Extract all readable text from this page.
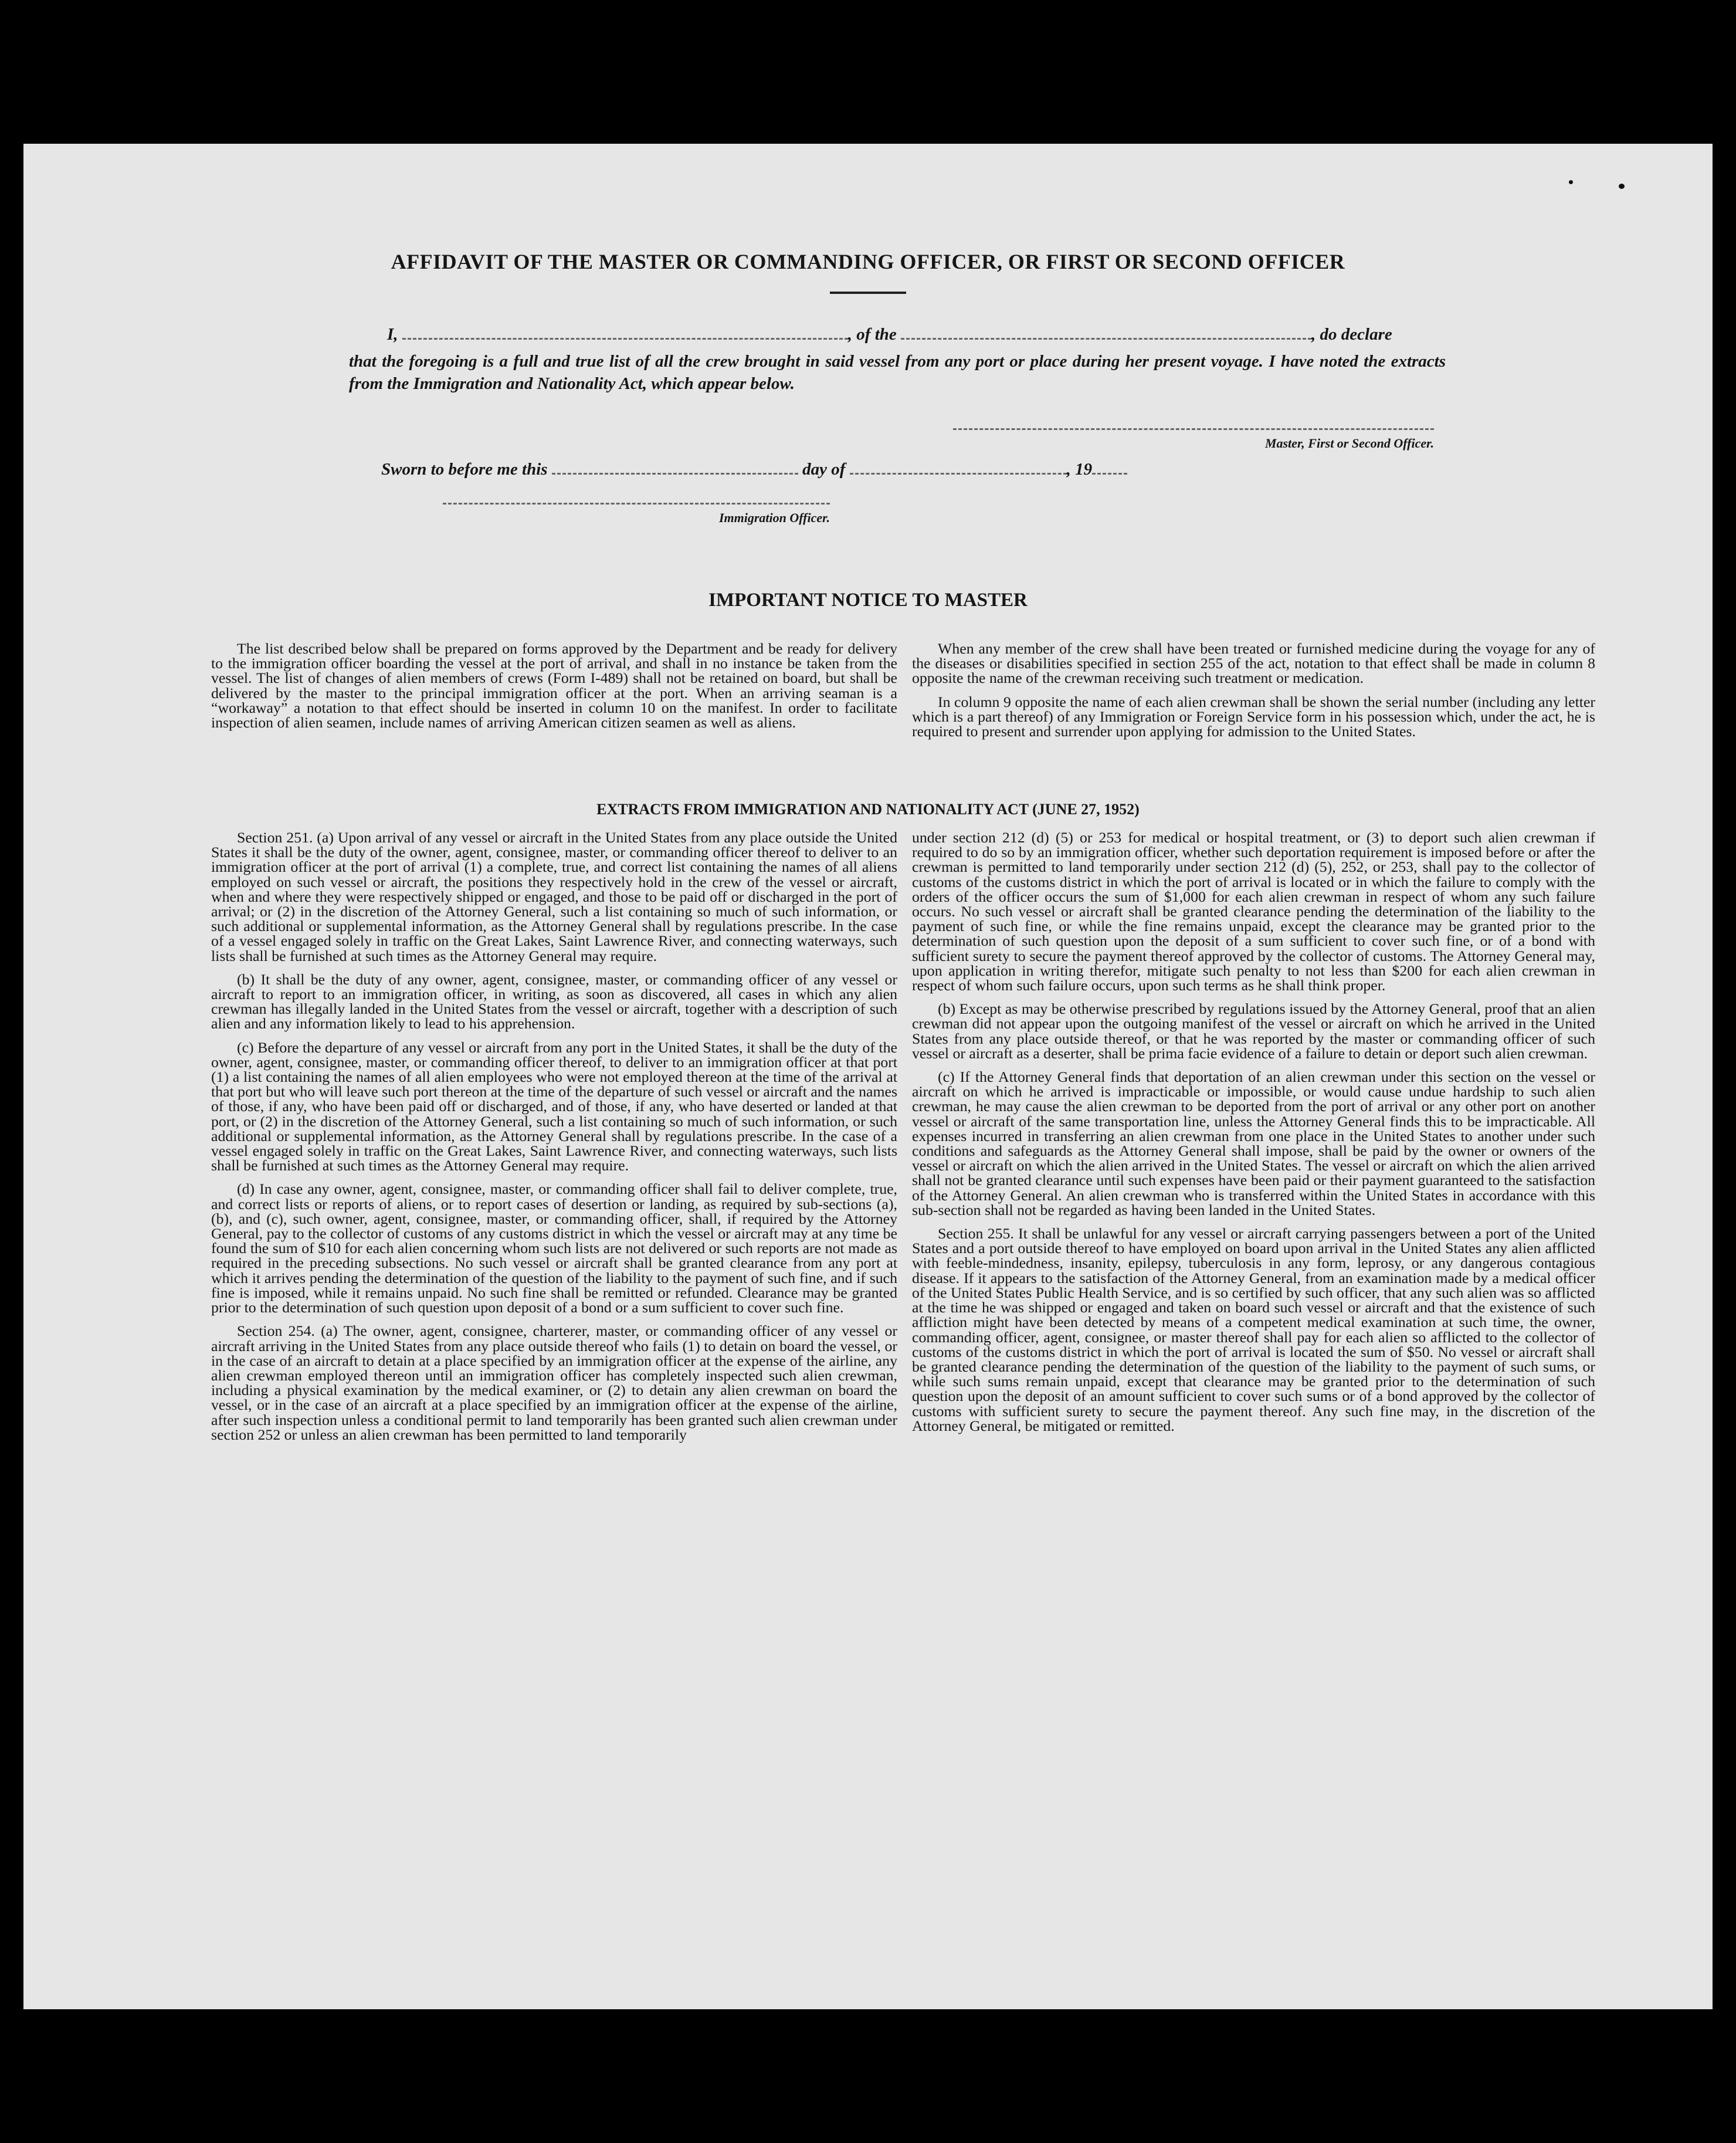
AFFIDAVIT OF THE MASTER OR COMMANDING OFFICER, OR FIRST OR SECOND OFFICER
I,	, of the	, do declare
that the foregoing is a full and true list of all the crew brought in said vessel from any port or place during her present voyage. I have noted the extracts from the Immigration and Nationality Act, which appear below.
Master, First or Second Officer.
Sworn to before me this	day of	, 19
Immigration Officer.
IMPORTANT NOTICE TO MASTER

The list described below shall be prepared on forms approved by the Department and be ready for delivery to the immigration officer boarding the vessel at the port of arrival, and shall in no instance be taken from the vessel. The list of changes of alien members of crews (Form I-489) shall not be retained on board, but shall be delivered by the master to the principal immigration officer at the port. When an arriving seaman is a “workaway” a notation to that effect should be inserted in column 10 on the manifest. In order to facilitate inspection of alien seamen, include names of arriving American citizen seamen as well as aliens.

When any member of the crew shall have been treated or furnished medicine during the voyage for any of the diseases or disabilities specified in section 255 of the act, notation to that effect shall be made in column 8 opposite the name of the crewman receiving such treatment or medication.

In column 9 opposite the name of each alien crewman shall be shown the serial number (including any letter which is a part thereof) of any Immigration or Foreign Service form in his possession which, under the act, he is required to present and surrender upon applying for admission to the United States.

EXTRACTS FROM IMMIGRATION AND NATIONALITY ACT (JUNE 27, 1952)

Section 251. (a) Upon arrival of any vessel or aircraft in the United States from any place outside the United States it shall be the duty of the owner, agent, consignee, master, or commanding officer thereof to deliver to an immigration officer at the port of arrival (1) a complete, true, and correct list containing the names of all aliens employed on such vessel or aircraft, the positions they respectively hold in the crew of the vessel or aircraft, when and where they were respectively shipped or engaged, and those to be paid off or discharged in the port of arrival; or (2) in the discretion of the Attorney General, such a list containing so much of such information, or such additional or supplemental information, as the Attorney General shall by regulations prescribe. In the case of a vessel engaged solely in traffic on the Great Lakes, Saint Lawrence River, and connecting waterways, such lists shall be furnished at such times as the Attorney General may require.

(b) It shall be the duty of any owner, agent, consignee, master, or commanding officer of any vessel or aircraft to report to an immigration officer, in writing, as soon as discovered, all cases in which any alien crewman has illegally landed in the United States from the vessel or aircraft, together with a description of such alien and any information likely to lead to his apprehension.

(c) Before the departure of any vessel or aircraft from any port in the United States, it shall be the duty of the owner, agent, consignee, master, or commanding officer thereof, to deliver to an immigration officer at that port (1) a list containing the names of all alien employees who were not employed thereon at the time of the arrival at that port but who will leave such port thereon at the time of the departure of such vessel or aircraft and the names of those, if any, who have been paid off or discharged, and of those, if any, who have deserted or landed at that port, or (2) in the discretion of the Attorney General, such a list containing so much of such information, or such additional or supplemental information, as the Attorney General shall by regulations prescribe. In the case of a vessel engaged solely in traffic on the Great Lakes, Saint Lawrence River, and connecting waterways, such lists shall be furnished at such times as the Attorney General may require.

(d) In case any owner, agent, consignee, master, or commanding officer shall fail to deliver complete, true, and correct lists or reports of aliens, or to report cases of desertion or landing, as required by sub-sections (a), (b), and (c), such owner, agent, consignee, master, or commanding officer, shall, if required by the Attorney General, pay to the collector of customs of any customs district in which the vessel or aircraft may at any time be found the sum of $10 for each alien concerning whom such lists are not delivered or such reports are not made as required in the preceding subsections. No such vessel or aircraft shall be granted clearance from any port at which it arrives pending the determination of the question of the liability to the payment of such fine, and if such fine is imposed, while it remains unpaid. No such fine shall be remitted or refunded. Clearance may be granted prior to the determination of such question upon deposit of a bond or a sum sufficient to cover such fine.

Section 254. (a) The owner, agent, consignee, charterer, master, or commanding officer of any vessel or aircraft arriving in the United States from any place outside thereof who fails (1) to detain on board the vessel, or in the case of an aircraft to detain at a place specified by an immigration officer at the expense of the airline, any alien crewman employed thereon until an immigration officer has completely inspected such alien crewman, including a physical examination by the medical examiner, or (2) to detain any alien crewman on board the vessel, or in the case of an aircraft at a place specified by an immigration officer at the expense of the airline, after such inspection unless a conditional permit to land temporarily has been granted such alien crewman under section 252 or unless an alien crewman has been permitted to land temporarily

under section 212 (d) (5) or 253 for medical or hospital treatment, or (3) to deport such alien crewman if required to do so by an immigration officer, whether such deportation requirement is imposed before or after the crewman is permitted to land temporarily under section 212 (d) (5), 252, or 253, shall pay to the collector of customs of the customs district in which the port of arrival is located or in which the failure to comply with the orders of the officer occurs the sum of $1,000 for each alien crewman in respect of whom any such failure occurs. No such vessel or aircraft shall be granted clearance pending the determination of the liability to the payment of such fine, or while the fine remains unpaid, except the clearance may be granted prior to the determination of such question upon the deposit of a sum sufficient to cover such fine, or of a bond with sufficient surety to secure the payment thereof approved by the collector of customs. The Attorney General may, upon application in writing therefor, mitigate such penalty to not less than $200 for each alien crewman in respect of whom such failure occurs, upon such terms as he shall think proper.

(b) Except as may be otherwise prescribed by regulations issued by the Attorney General, proof that an alien crewman did not appear upon the outgoing manifest of the vessel or aircraft on which he arrived in the United States from any place outside thereof, or that he was reported by the master or commanding officer of such vessel or aircraft as a deserter, shall be prima facie evidence of a failure to detain or deport such alien crewman.

(c) If the Attorney General finds that deportation of an alien crewman under this section on the vessel or aircraft on which he arrived is impracticable or impossible, or would cause undue hardship to such alien crewman, he may cause the alien crewman to be deported from the port of arrival or any other port on another vessel or aircraft of the same transportation line, unless the Attorney General finds this to be impracticable. All expenses incurred in transferring an alien crewman from one place in the United States to another under such conditions and safeguards as the Attorney General shall impose, shall be paid by the owner or owners of the vessel or aircraft on which the alien arrived in the United States. The vessel or aircraft on which the alien arrived shall not be granted clearance until such expenses have been paid or their payment guaranteed to the satisfaction of the Attorney General. An alien crewman who is transferred within the United States in accordance with this sub-section shall not be regarded as having been landed in the United States.

Section 255. It shall be unlawful for any vessel or aircraft carrying passengers between a port of the United States and a port outside thereof to have employed on board upon arrival in the United States any alien afflicted with feeble-mindedness, insanity, epilepsy, tuberculosis in any form, leprosy, or any dangerous contagious disease. If it appears to the satisfaction of the Attorney General, from an examination made by a medical officer of the United States Public Health Service, and is so certified by such officer, that any such alien was so afflicted at the time he was shipped or engaged and taken on board such vessel or aircraft and that the existence of such affliction might have been detected by means of a competent medical examination at such time, the owner, commanding officer, agent, consignee, or master thereof shall pay for each alien so afflicted to the collector of customs of the customs district in which the port of arrival is located the sum of $50. No vessel or aircraft shall be granted clearance pending the determination of the question of the liability to the payment of such sums, or while such sums remain unpaid, except that clearance may be granted prior to the determination of such question upon the deposit of an amount sufficient to cover such sums or of a bond approved by the collector of customs with sufficient surety to secure the payment thereof. Any such fine may, in the discretion of the Attorney General, be mitigated or remitted.
